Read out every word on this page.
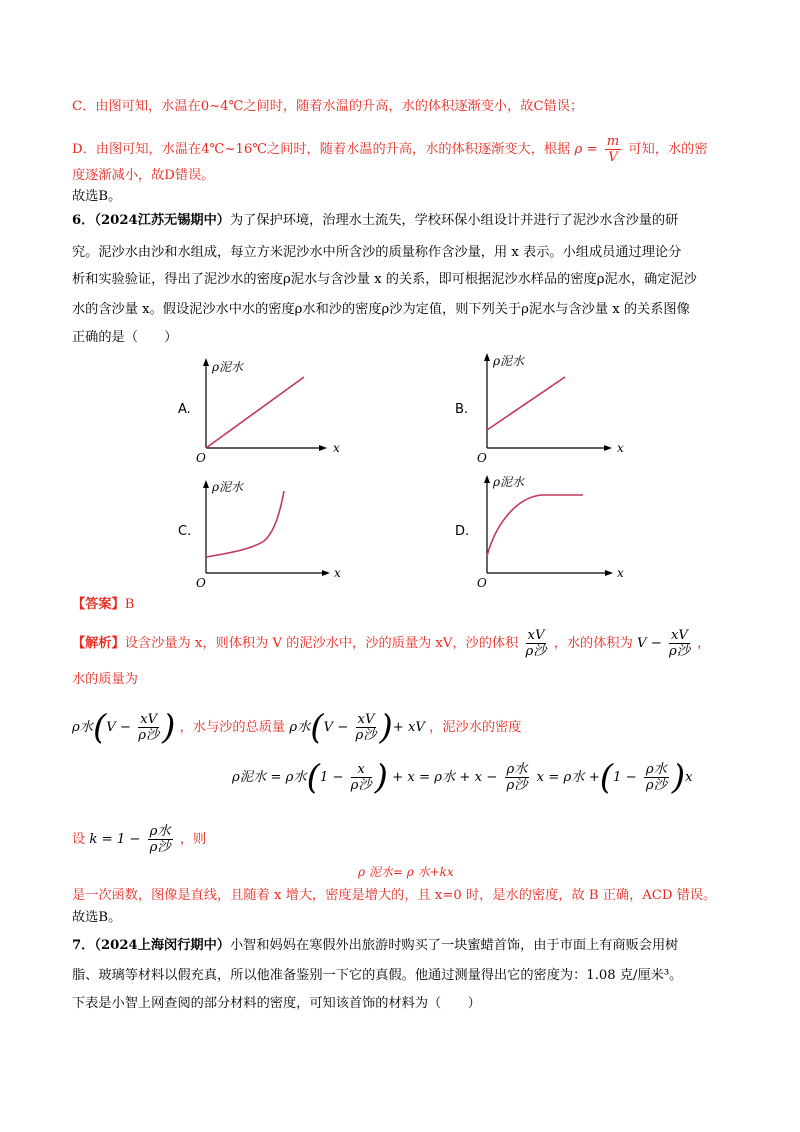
C．由图可知，水温在0~4℃之间时，随着水温的升高，水的体积逐渐变小，故C错误；
D．由图可知，水温在4℃~16℃之间时，随着水温的升高，水的体积逐渐变大，根据 $\rho = \frac{m}{V}$ 可知，水的密
度逐渐减小，故D错误。
故选B。
6．（2024江苏无锡期中）为了保护环境，治理水土流失，学校环保小组设计并进行了泥沙水含沙量的研
究。泥沙水由沙和水组成，每立方米泥沙水中所含沙的质量称作含沙量，用 x 表示。小组成员通过理论分
析和实验验证，得出了泥沙水的密度ρ泥水与含沙量 x 的关系，即可根据泥沙水样品的密度ρ泥水，确定泥沙
水的含沙量 x。假设泥沙水中水的密度ρ水和沙的密度ρ沙为定值，则下列关于ρ泥水与含沙量 x 的关系图像
正确的是（　　）
A.
ρ泥水
x
O
B.
ρ泥水
x
O
C.
ρ泥水
x
O
D.
ρ泥水
x
O
【答案】B
【解析】设含沙量为 x，则体积为 V 的泥沙水中，沙的质量为 xV，沙的体积 $\frac{xV}{\text{ρ沙}}$ ，水的体积为 $V - \frac{xV}{\text{ρ沙}}$ ，
水的质量为
ρ水($V - \frac{xV}{\text{ρ沙}}$ ) ，水与沙的总质量 ρ水($V - \frac{xV}{\text{ρ沙}}$ )+ xV ，泥沙水的密度
ρ泥水 = ρ水($1 - \frac{x}{\text{ρ沙}}$ ) + x = ρ水 + $x - \frac{\text{ρ水}}{\text{ρ沙}}$ x = ρ水 $+(1 - \frac{\text{ρ水}}{\text{ρ沙}} )x$
设 $k = 1 - \frac{\text{ρ水}}{\text{ρ沙}}$ ，则
ρ 泥水= ρ 水+kx
是一次函数，图像是直线，且随着 x 增大，密度是增大的，且 x=0 时，是水的密度，故 B 正确，ACD 错误。
故选B。
7．（2024上海闵行期中）小智和妈妈在寒假外出旅游时购买了一块蜜蜡首饰，由于市面上有商贩会用树
脂、玻璃等材料以假充真，所以他准备鉴别一下它的真假。他通过测量得出它的密度为：1.08 克/厘米³。
下表是小智上网查阅的部分材料的密度，可知该首饰的材料为（　　）
